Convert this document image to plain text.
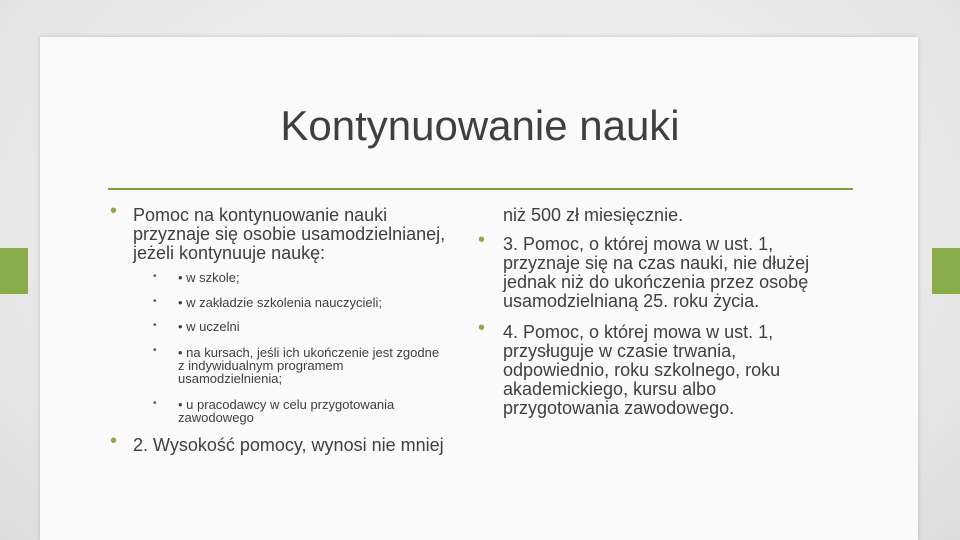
Kontynuowanie nauki
• Pomoc na kontynuowanie nauki
przyznaje się osobie usamodzielnianej,
jeżeli kontynuuje naukę:
• • w szkole;
• • w zakładzie szkolenia nauczycieli;
• • w uczelni
• • na kursach, jeśli ich ukończenie jest zgodne
z indywidualnym programem
usamodzielnienia;
• • u pracodawcy w celu przygotowania
zawodowego
• 2. Wysokość pomocy, wynosi nie mniej
niż 500 zł miesięcznie.
• 3. Pomoc, o której mowa w ust. 1,
przyznaje się na czas nauki, nie dłużej
jednak niż do ukończenia przez osobę
usamodzielnianą 25. roku życia.
• 4. Pomoc, o której mowa w ust. 1,
przysługuje w czasie trwania,
odpowiednio, roku szkolnego, roku
akademickiego, kursu albo
przygotowania zawodowego.
